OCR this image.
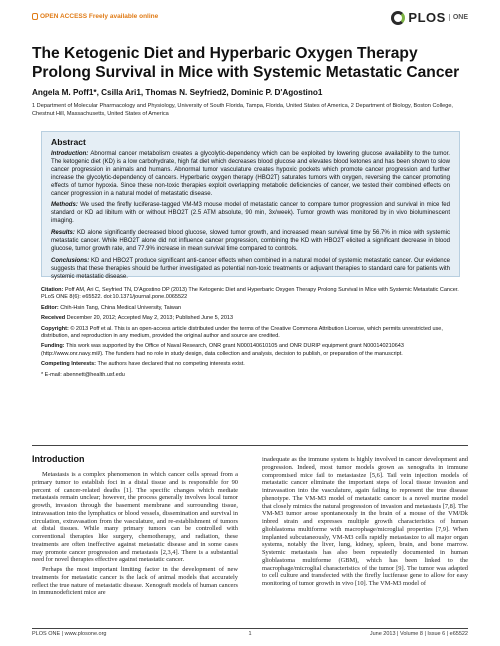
OPEN ACCESS Freely available online	PLOS	ONE
The Ketogenic Diet and Hyperbaric Oxygen Therapy Prolong Survival in Mice with Systemic Metastatic Cancer
Angela M. Poff1*, Csilla Ari1, Thomas N. Seyfried2, Dominic P. D'Agostino1
1 Department of Molecular Pharmacology and Physiology, University of South Florida, Tampa, Florida, United States of America, 2 Department of Biology, Boston College, Chestnut Hill, Massachusetts, United States of America
Abstract

Introduction: Abnormal cancer metabolism creates a glycolytic-dependency which can be exploited by lowering glucose availability to the tumor. The ketogenic diet (KD) is a low carbohydrate, high fat diet which decreases blood glucose and elevates blood ketones and has been shown to slow cancer progression in animals and humans. Abnormal tumor vasculature creates hypoxic pockets which promote cancer progression and further increase the glycolytic-dependency of cancers. Hyperbaric oxygen therapy (HBO2T) saturates tumors with oxygen, reversing the cancer promoting effects of tumor hypoxia. Since these non-toxic therapies exploit overlapping metabolic deficiencies of cancer, we tested their combined effects on cancer progression in a natural model of metastatic disease.

Methods: We used the firefly luciferase-tagged VM-M3 mouse model of metastatic cancer to compare tumor progression and survival in mice fed standard or KD ad libitum with or without HBO2T (2.5 ATM absolute, 90 min, 3x/week). Tumor growth was monitored by in vivo bioluminescent imaging.

Results: KD alone significantly decreased blood glucose, slowed tumor growth, and increased mean survival time by 56.7% in mice with systemic metastatic cancer. While HBO2T alone did not influence cancer progression, combining the KD with HBO2T elicited a significant decrease in blood glucose, tumor growth rate, and 77.9% increase in mean survival time compared to controls.

Conclusions: KD and HBO2T produce significant anti-cancer effects when combined in a natural model of systemic metastatic cancer. Our evidence suggests that these therapies should be further investigated as potential non-toxic treatments or adjuvant therapies to standard care for patients with systemic metastatic disease.

Citation: Poff AM, Ari C, Seyfried TN, D'Agostino DP (2013) The Ketogenic Diet and Hyperbaric Oxygen Therapy Prolong Survival in Mice with Systemic Metastatic Cancer. PLoS ONE 8(6): e65522. doi:10.1371/journal.pone.0065522
Editor: Chih-Hsin Tang, China Medical University, Taiwan
Received December 20, 2012; Accepted May 2, 2013; Published June 5, 2013
Copyright: © 2013 Poff et al. This is an open-access article distributed under the terms of the Creative Commons Attribution License, which permits unrestricted use, distribution, and reproduction in any medium, provided the original author and source are credited.
Funding: This work was supported by the Office of Naval Research, ONR grant N000140610105 and ONR DURIP equipment grant N000140210643 (http://www.onr.navy.mil/). The funders had no role in study design, data collection and analysis, decision to publish, or preparation of the manuscript.
Competing Interests: The authors have declared that no competing interests exist.
* E-mail: abennett@health.usf.edu
Introduction

Metastasis is a complex phenomenon in which cancer cells spread from a primary tumor to establish foci in a distal tissue and is responsible for 90 percent of cancer-related deaths [1]. The specific changes which mediate metastasis remain unclear; however, the process generally involves local tumor growth, invasion through the basement membrane and surrounding tissue, intravasation into the lymphatics or blood vessels, dissemination and survival in circulation, extravasation from the vasculature, and re-establishment of tumors at distal tissues. While many primary tumors can be controlled with conventional therapies like surgery, chemotherapy, and radiation, these treatments are often ineffective against metastatic disease and in some cases may promote cancer progression and metastasis [2,3,4]. There is a substantial need for novel therapies effective against metastatic cancer.

Perhaps the most important limiting factor in the development of new treatments for metastatic cancer is the lack of animal models that accurately reflect the true nature of metastatic disease. Xenograft models of human cancers in immunodeficient mice are

inadequate as the immune system is highly involved in cancer development and progression. Indeed, most tumor models grown as xenografts in immune compromised mice fail to metastasize [5,6]. Tail vein injection models of metastatic cancer eliminate the important steps of local tissue invasion and intravasation into the vasculature, again failing to represent the true disease phenotype. The VM-M3 model of metastatic cancer is a novel murine model that closely mimics the natural progression of invasion and metastasis [7,8]. The VM-M3 tumor arose spontaneously in the brain of a mouse of the VM/Dk inbred strain and expresses multiple growth characteristics of human glioblastoma multiforme with macrophage/microglial properties [7,9]. When implanted subcutaneously, VM-M3 cells rapidly metastasize to all major organ systems, notably the liver, lung, kidney, spleen, brain, and bone marrow. Systemic metastasis has also been repeatedly documented in human glioblastoma multiforme (GBM), which has been linked to the macrophage/microglial characteristics of the tumor [9]. The tumor was adapted to cell culture and transfected with the firefly luciferase gene to allow for easy monitoring of tumor growth in vivo [10]. The VM-M3 model of

PLOS ONE | www.plosone.org	1	June 2013 | Volume 8 | Issue 6 | e65522
